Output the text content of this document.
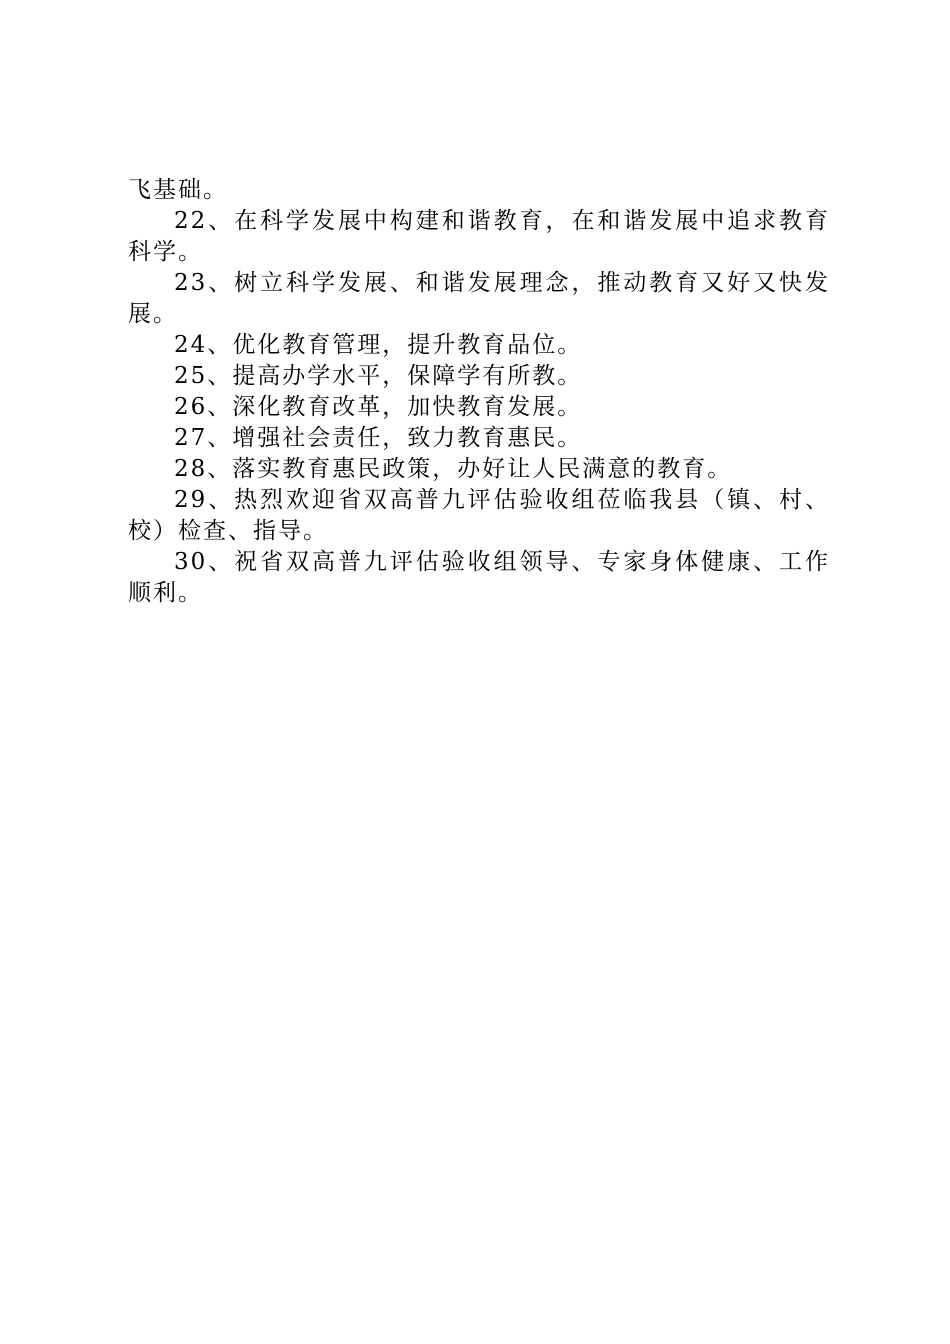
飞基础。

22、在科学发展中构建和谐教育，在和谐发展中追求教育科学。

23、树立科学发展、和谐发展理念，推动教育又好又快发展。

24、优化教育管理，提升教育品位。

25、提高办学水平，保障学有所教。

26、深化教育改革，加快教育发展。

27、增强社会责任，致力教育惠民。

28、落实教育惠民政策，办好让人民满意的教育。

29、热烈欢迎省双高普九评估验收组莅临我县（镇、村、校）检查、指导。

30、祝省双高普九评估验收组领导、专家身体健康、工作顺利。
